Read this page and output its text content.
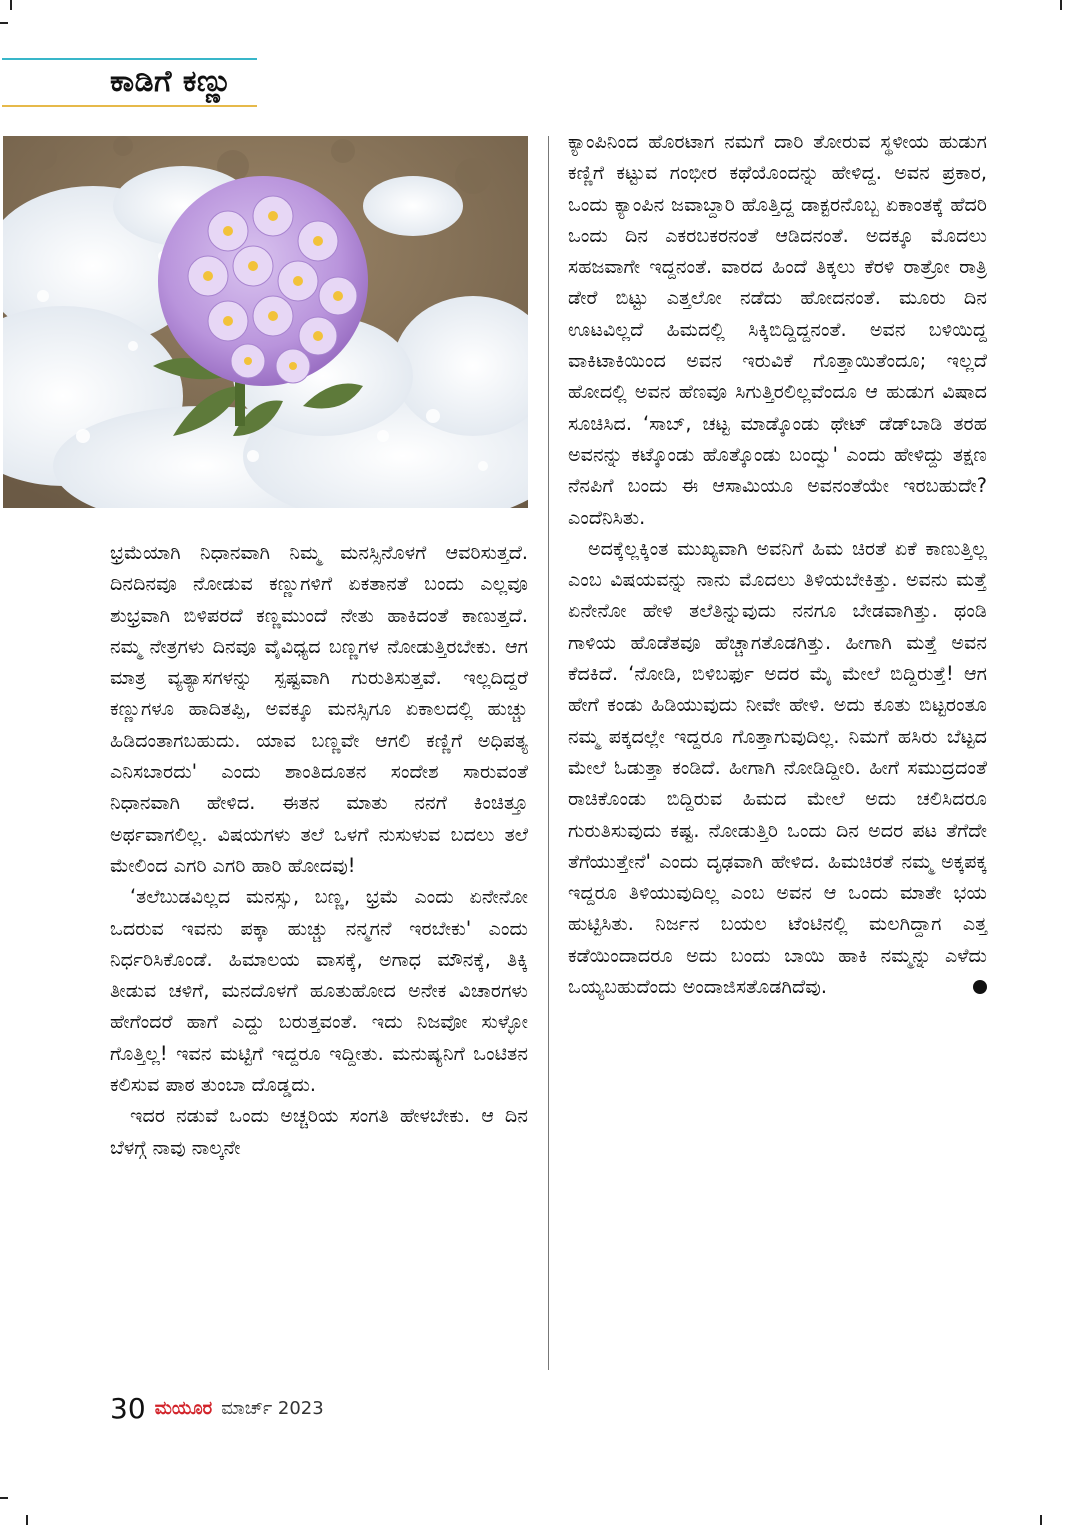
ಕಾಡಿಗೆ ಕಣ್ಣು

ಭ್ರಮೆಯಾಗಿ ನಿಧಾನವಾಗಿ ನಿಮ್ಮ ಮನಸ್ಸಿನೊಳಗೆ ಆವರಿಸುತ್ತದೆ. ದಿನದಿನವೂ ನೋಡುವ ಕಣ್ಣುಗಳಿಗೆ ಏಕತಾನತೆ ಬಂದು ಎಲ್ಲವೂ ಶುಭ್ರವಾಗಿ ಬಿಳಿಪರದೆ ಕಣ್ಣಮುಂದೆ ನೇತು ಹಾಕಿದಂತೆ ಕಾಣುತ್ತದೆ. ನಮ್ಮ ನೇತ್ರಗಳು ದಿನವೂ ವೈವಿಧ್ಯದ ಬಣ್ಣಗಳ ನೋಡುತ್ತಿರಬೇಕು. ಆಗ ಮಾತ್ರ ವ್ಯತ್ಯಾಸಗಳನ್ನು ಸ್ಪಷ್ಟವಾಗಿ ಗುರುತಿಸುತ್ತವೆ. ಇಲ್ಲದಿದ್ದರೆ ಕಣ್ಣುಗಳೂ ಹಾದಿತಪ್ಪಿ, ಅವಕ್ಕೂ ಮನಸ್ಸಿಗೂ ಏಕಾಲದಲ್ಲಿ ಹುಚ್ಚು ಹಿಡಿದಂತಾಗಬಹುದು. ಯಾವ ಬಣ್ಣವೇ ಆಗಲಿ ಕಣ್ಣಿಗೆ ಅಧಿಪತ್ಯ ಎನಿಸಬಾರದು' ಎಂದು ಶಾಂತಿದೂತನ ಸಂದೇಶ ಸಾರುವಂತೆ ನಿಧಾನವಾಗಿ ಹೇಳಿದ. ಈತನ ಮಾತು ನನಗೆ ಕಿಂಚಿತ್ತೂ ಅರ್ಥವಾಗಲಿಲ್ಲ. ವಿಷಯಗಳು ತಲೆ ಒಳಗೆ ನುಸುಳುವ ಬದಲು ತಲೆ ಮೇಲಿಂದ ಎಗರಿ ಎಗರಿ ಹಾರಿ ಹೋದವು!

‘ತಲೆಬುಡವಿಲ್ಲದ ಮನಸ್ಸು, ಬಣ್ಣ, ಭ್ರಮೆ ಎಂದು ಏನೇನೋ ಒದರುವ ಇವನು ಪಕ್ಕಾ ಹುಚ್ಚು ನನ್ಮಗನೆ ಇರಬೇಕು' ಎಂದು ನಿರ್ಧರಿಸಿಕೊಂಡೆ. ಹಿಮಾಲಯ ವಾಸಕ್ಕೆ, ಅಗಾಧ ಮೌನಕ್ಕೆ, ತಿಕ್ಕಿ ತೀಡುವ ಚಳಿಗೆ, ಮನದೊಳಗೆ ಹೂತುಹೋದ ಅನೇಕ ವಿಚಾರಗಳು ಹೇಗೆಂದರೆ ಹಾಗೆ ಎದ್ದು ಬರುತ್ತವಂತೆ. ಇದು ನಿಜವೋ ಸುಳ್ಳೋ ಗೊತ್ತಿಲ್ಲ! ಇವನ ಮಟ್ಟಿಗೆ ಇದ್ದರೂ ಇದ್ದೀತು. ಮನುಷ್ಯನಿಗೆ ಒಂಟಿತನ ಕಲಿಸುವ ಪಾಠ ತುಂಬಾ ದೊಡ್ಡದು.

ಇದರ ನಡುವೆ ಒಂದು ಅಚ್ಚರಿಯ ಸಂಗತಿ ಹೇಳಬೇಕು. ಆ ದಿನ ಬೆಳಗ್ಗೆ ನಾವು ನಾಲ್ಕನೇ

ಕ್ಯಾಂಪಿನಿಂದ ಹೊರಟಾಗ ನಮಗೆ ದಾರಿ ತೋರುವ ಸ್ಥಳೀಯ ಹುಡುಗ ಕಣ್ಣಿಗೆ ಕಟ್ಟುವ ಗಂಭೀರ ಕಥೆಯೊಂದನ್ನು ಹೇಳಿದ್ದ. ಅವನ ಪ್ರಕಾರ, ಒಂದು ಕ್ಯಾಂಪಿನ ಜವಾಬ್ದಾರಿ ಹೊತ್ತಿದ್ದ ಡಾಕ್ಟರನೊಬ್ಬ ಏಕಾಂತಕ್ಕೆ ಹೆದರಿ ಒಂದು ದಿನ ಎಕರಬಕರನಂತೆ ಆಡಿದನಂತೆ. ಅದಕ್ಕೂ ಮೊದಲು ಸಹಜವಾಗೇ ಇದ್ದನಂತೆ. ವಾರದ ಹಿಂದೆ ತಿಕ್ಕಲು ಕೆರಳಿ ರಾತ್ರೋ ರಾತ್ರಿ ಡೇರೆ ಬಿಟ್ಟು ಎತ್ತಲೋ ನಡೆದು ಹೋದನಂತೆ. ಮೂರು ದಿನ ಊಟವಿಲ್ಲದೆ ಹಿಮದಲ್ಲಿ ಸಿಕ್ಕಿಬಿದ್ದಿದ್ದನಂತೆ. ಅವನ ಬಳಿಯಿದ್ದ ವಾಕಿಟಾಕಿಯಿಂದ ಅವನ ಇರುವಿಕೆ ಗೊತ್ತಾಯಿತೆಂದೂ; ಇಲ್ಲದೆ ಹೋದಲ್ಲಿ ಅವನ ಹೆಣವೂ ಸಿಗುತ್ತಿರಲಿಲ್ಲವೆಂದೂ ಆ ಹುಡುಗ ವಿಷಾದ ಸೂಚಿಸಿದ. ‘ಸಾಬ್, ಚಟ್ಟ ಮಾಡ್ಕೊಂಡು ಥೇಟ್ ಡೆಡ್‌ಬಾಡಿ ತರಹ ಅವನನ್ನು ಕಟ್ಕೊಂಡು ಹೊತ್ಕೊಂಡು ಬಂದ್ವು' ಎಂದು ಹೇಳಿದ್ದು ತಕ್ಷಣ ನೆನಪಿಗೆ ಬಂದು ಈ ಆಸಾಮಿಯೂ ಅವನಂತೆಯೇ ಇರಬಹುದೇ? ಎಂದೆನಿಸಿತು.

ಅದಕ್ಕೆಲ್ಲಕ್ಕಿಂತ ಮುಖ್ಯವಾಗಿ ಅವನಿಗೆ ಹಿಮ ಚಿರತೆ ಏಕೆ ಕಾಣುತ್ತಿಲ್ಲ ಎಂಬ ವಿಷಯವನ್ನು ನಾನು ಮೊದಲು ತಿಳಿಯಬೇಕಿತ್ತು. ಅವನು ಮತ್ತೆ ಏನೇನೋ ಹೇಳಿ ತಲೆತಿನ್ನುವುದು ನನಗೂ ಬೇಡವಾಗಿತ್ತು. ಥಂಡಿ ಗಾಳಿಯ ಹೊಡೆತವೂ ಹೆಚ್ಚಾಗತೊಡಗಿತ್ತು. ಹೀಗಾಗಿ ಮತ್ತೆ ಅವನ ಕೆದಕಿದೆ. ‘ನೋಡಿ, ಬಿಳಿಬರ್ಫು ಅದರ ಮೈ ಮೇಲೆ ಬಿದ್ದಿರುತ್ತೆ! ಆಗ ಹೇಗೆ ಕಂಡು ಹಿಡಿಯುವುದು ನೀವೇ ಹೇಳಿ. ಅದು ಕೂತು ಬಿಟ್ಟರಂತೂ ನಮ್ಮ ಪಕ್ಕದಲ್ಲೇ ಇದ್ದರೂ ಗೊತ್ತಾಗುವುದಿಲ್ಲ. ನಿಮಗೆ ಹಸಿರು ಬೆಟ್ಟದ ಮೇಲೆ ಓಡುತ್ತಾ ಕಂಡಿದೆ. ಹೀಗಾಗಿ ನೋಡಿದ್ದೀರಿ. ಹೀಗೆ ಸಮುದ್ರದಂತೆ ರಾಚಿಕೊಂಡು ಬಿದ್ದಿರುವ ಹಿಮದ ಮೇಲೆ ಅದು ಚಲಿಸಿದರೂ ಗುರುತಿಸುವುದು ಕಷ್ಟ. ನೋಡುತ್ತಿರಿ ಒಂದು ದಿನ ಅದರ ಪಟ ತೆಗೆದೇ ತೆಗೆಯುತ್ತೇನೆ' ಎಂದು ದೃಢವಾಗಿ ಹೇಳಿದ. ಹಿಮಚಿರತೆ ನಮ್ಮ ಅಕ್ಕಪಕ್ಕ ಇದ್ದರೂ ತಿಳಿಯುವುದಿಲ್ಲ ಎಂಬ ಅವನ ಆ ಒಂದು ಮಾತೇ ಭಯ ಹುಟ್ಟಿಸಿತು. ನಿರ್ಜನ ಬಯಲ ಟೆಂಟಿನಲ್ಲಿ ಮಲಗಿದ್ದಾಗ ಎತ್ತ ಕಡೆಯಿಂದಾದರೂ ಅದು ಬಂದು ಬಾಯಿ ಹಾಕಿ ನಮ್ಮನ್ನು ಎಳೆದು ಒಯ್ಯಬಹುದೆಂದು ಅಂದಾಜಿಸತೊಡಗಿದೆವು.

30 ಮಯೂರ ಮಾರ್ಚ್ 2023
